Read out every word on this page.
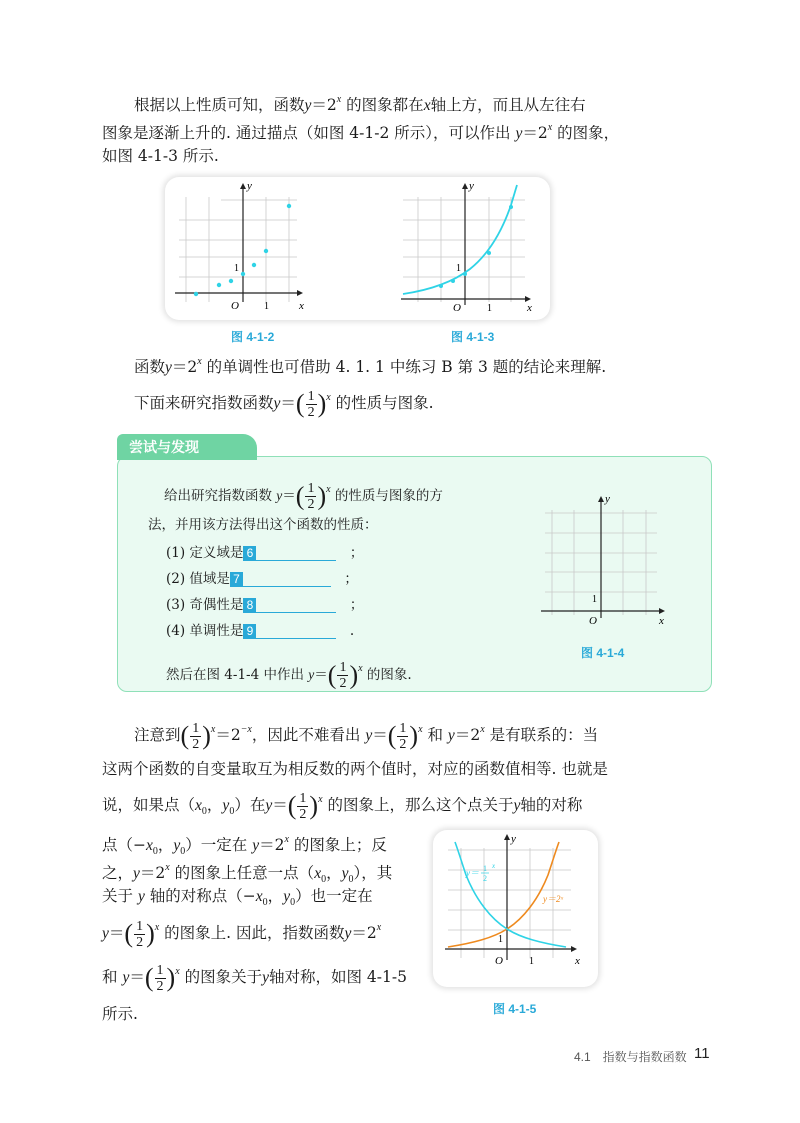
根据以上性质可知，函数$y=2^x$ 的图象都在x轴上方，而且从左往右
图象是逐渐上升的. 通过描点（如图 4-1-2 所示），可以作出 $y=2^x$ 的图象，
如图 4-1-3 所示.
y
x
O	1
1
y
x
O	1
1
图 4-1-2	图 4-1-3
函数$y=2^x$ 的单调性也可借助 4. 1. 1 中练习 B 第 3 题的结论来理解.
下面来研究指数函数$y=( \frac{1}{2} )^x$ 的性质与图象.
尝试与发现
给出研究指数函数 $y=( \frac{1}{2} )^x$ 的性质与图象的方
法，并用该方法得出这个函数的性质：
(1) 定义域是 6　	；
(2) 值域是 7　	；
(3) 奇偶性是 8　	；
(4) 单调性是 9　	.
然后在图 4-1-4 中作出 $y=( \frac{1}{2} )^x$ 的图象.
y
x
O
1
图 4-1-4
注意到( $\frac{1}{2} )^x=2^{-x}$，因此不难看出 $y=( \frac{1}{2} )^x$ 和 $y=2^x$ 是有联系的：当
这两个函数的自变量取互为相反数的两个值时，对应的函数值相等. 也就是
说，如果点（$x_0$，$y_0$）在$y=( \frac{1}{2} )^x$ 的图象上，那么这个点关于y轴的对称
点（$-x_0$，$y_0$）一定在 $y=2^x$ 的图象上；反
之，$y=2^x$ 的图象上任意一点（$x_0$，$y_0$），其
关于 y 轴的对称点（$-x_0$，$y_0$）也一定在
$y=( \frac{1}{2} )^x$ 的图象上. 因此，指数函数$y=2^x$
和 $y=( \frac{1}{2} )^x$ 的图象关于y轴对称，如图 4-1-5
所示.
y
x
O	1
1
y＝2ˣ
y＝ 1
2
x
图 4-1-5
4.1　指数与指数函数 11
